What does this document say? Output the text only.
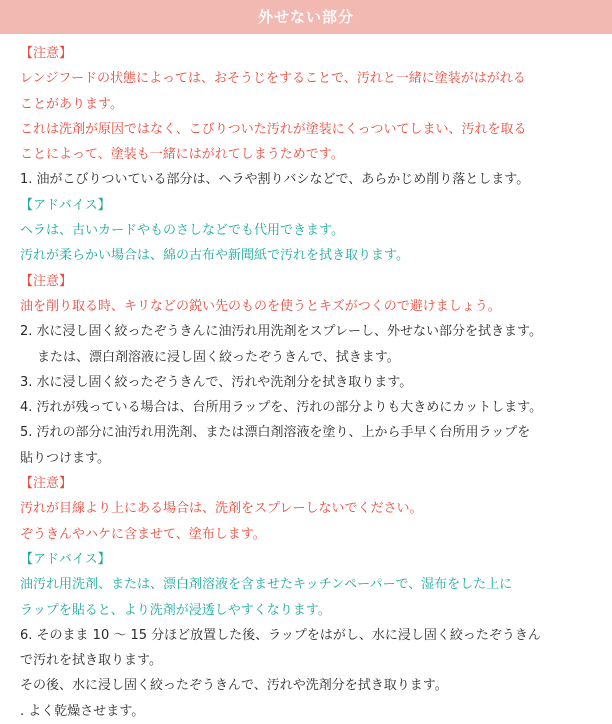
外せない部分
【注意】
レンジフードの状態によっては、おそうじをすることで、汚れと一緒に塗装がはがれる
ことがあります。
これは洗剤が原因ではなく、こびりついた汚れが塗装にくっついてしまい、汚れを取る
ことによって、塗装も一緒にはがれてしまうためです。
1. 油がこびりついている部分は、ヘラや割りバシなどで、あらかじめ削り落とします。
【アドバイス】
ヘラは、古いカードやものさしなどでも代用できます。
汚れが柔らかい場合は、綿の古布や新聞紙で汚れを拭き取ります。
【注意】
油を削り取る時、キリなどの鋭い先のものを使うとキズがつくので避けましょう。
2. 水に浸し固く絞ったぞうきんに油汚れ用洗剤をスプレーし、外せない部分を拭きます。
または、漂白剤溶液に浸し固く絞ったぞうきんで、拭きます。
3. 水に浸し固く絞ったぞうきんで、汚れや洗剤分を拭き取ります。
4. 汚れが残っている場合は、台所用ラップを、汚れの部分よりも大きめにカットします。
5. 汚れの部分に油汚れ用洗剤、または漂白剤溶液を塗り、上から手早く台所用ラップを
貼りつけます。
【注意】
汚れが目線より上にある場合は、洗剤をスプレーしないでください。
ぞうきんやハケに含ませて、塗布します。
【アドバイス】
油汚れ用洗剤、または、漂白剤溶液を含ませたキッチンペーパーで、湿布をした上に
ラップを貼ると、より洗剤が浸透しやすくなります。
6. そのまま 10 ～ 15 分ほど放置した後、ラップをはがし、水に浸し固く絞ったぞうきん
で汚れを拭き取ります。
その後、水に浸し固く絞ったぞうきんで、汚れや洗剤分を拭き取ります。
. よく乾燥させます。
